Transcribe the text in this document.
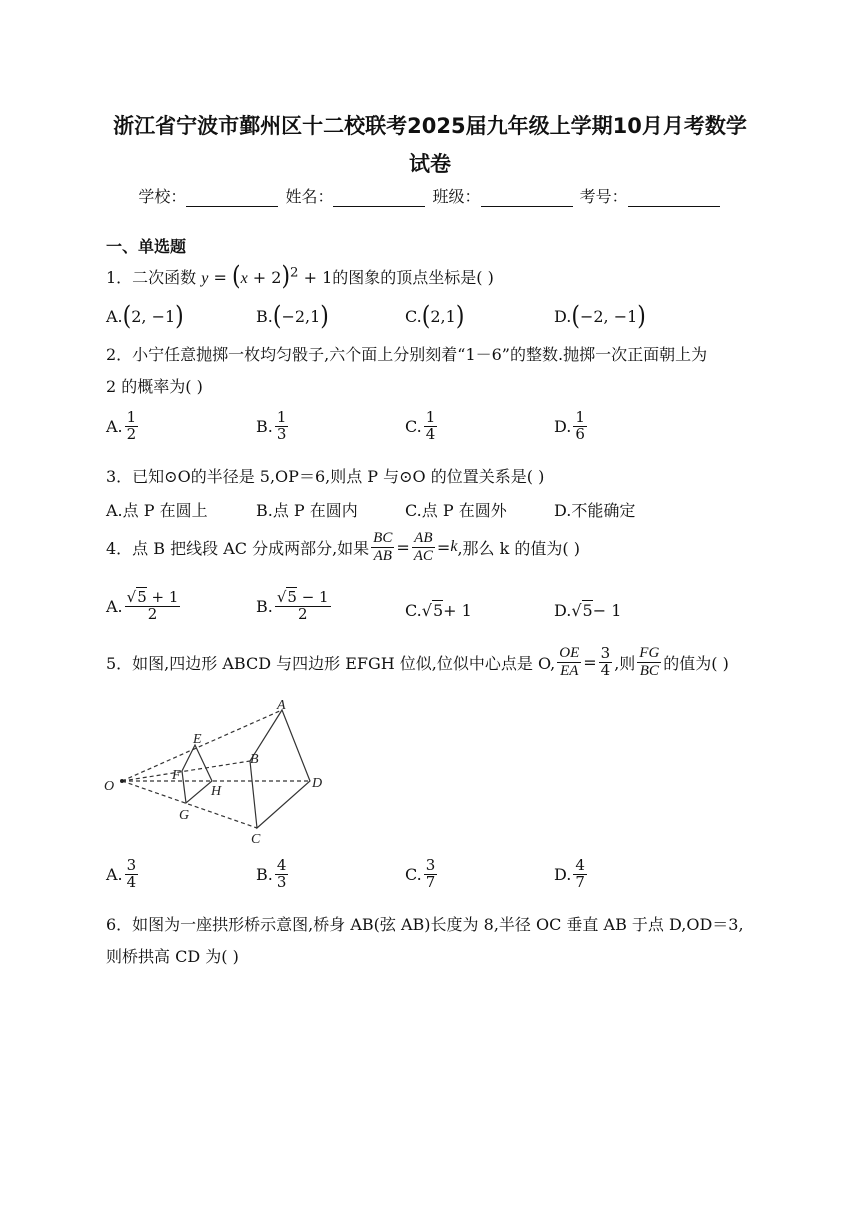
浙江省宁波市鄞州区十二校联考2025届九年级上学期10月月考数学
试卷
学校：	姓名：	班级：	考号：
一、单选题
1．二次函数 $y = (x + 2)^2 + 1$的图象的顶点坐标是( )
A. ( 2, −1 )	B. ( −2,1 )	C. ( 2,1 )	D. ( −2, −1 )
2．小宁任意抛掷一枚均匀骰子,六个面上分别刻着“1－6”的整数.抛掷一次正面朝上为
2 的概率为( )
A. $\frac{1}{2}$	B. $\frac{1}{3}$	C. $\frac{1}{4}$	D. $\frac{1}{6}$
3．已知⊙O的半径是 5,OP＝6,则点 P 与⊙O 的位置关系是( )
A.点 P 在圆上	B.点 P 在圆内	C.点 P 在圆外	D.不能确定
4．点 B 把线段 AC 分成两部分,如果 $\frac{BC}{AB} = \frac{AB}{AC} = k$ ,那么 k 的值为( )
A. $\frac{√5 + 1}{2}$	B. $\frac{√5 - 1}{2}$	C. √ 5 + 1	D. √ 5 − 1
5．如图,四边形 ABCD 与四边形 EFGH 位似,位似中心点是 O, $\frac{OE}{EA} = \frac{3}{4}$ ,则 $\frac{FG}{BC}$ 的值为( )
A
B
C
D
E
F
G
H
O
A. $\frac{3}{4}$	B. $\frac{4}{3}$	C. $\frac{3}{7}$	D. $\frac{4}{7}$
6．如图为一座拱形桥示意图,桥身 AB(弦 AB)长度为 8,半径 OC 垂直 AB 于点 D,OD＝3,
则桥拱高 CD 为( )
